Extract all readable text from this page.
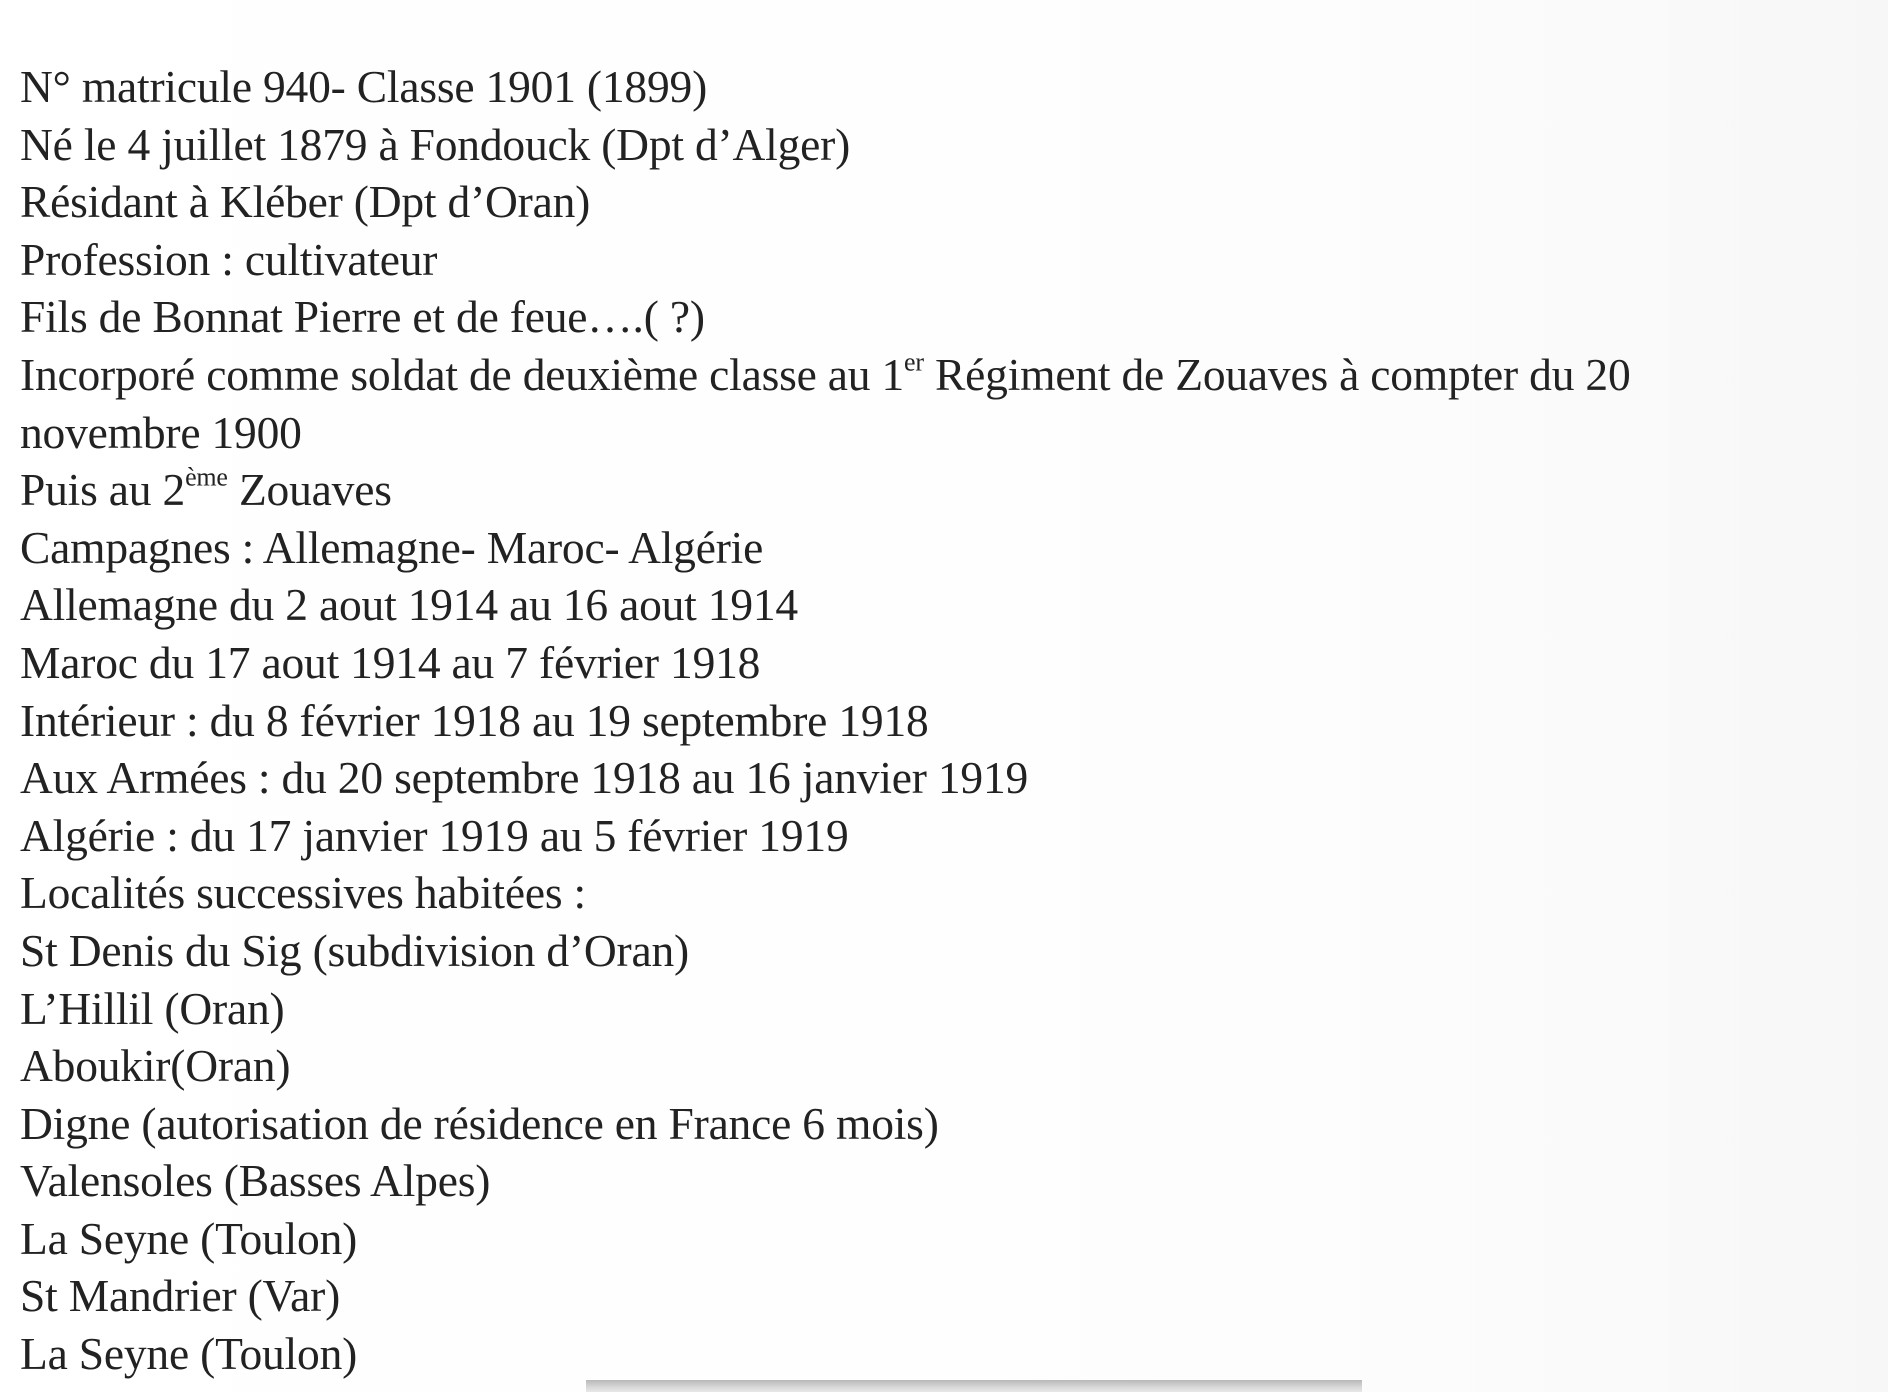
N° matricule 940- Classe 1901 (1899)
Né le 4 juillet 1879 à Fondouck (Dpt d’Alger)
Résidant à Kléber (Dpt d’Oran)
Profession : cultivateur
Fils de Bonnat Pierre et de feue….( ?)
Incorporé comme soldat de deuxième classe au 1er Régiment de Zouaves à compter du 20
novembre 1900
Puis au 2ème Zouaves
Campagnes : Allemagne- Maroc- Algérie
Allemagne du 2 aout 1914 au 16 aout 1914
Maroc du 17 aout 1914 au 7 février 1918
Intérieur : du 8 février 1918 au 19 septembre 1918
Aux Armées : du 20 septembre 1918 au 16 janvier 1919
Algérie : du 17 janvier 1919 au 5 février 1919
Localités successives habitées :
St Denis du Sig (subdivision d’Oran)
L’Hillil (Oran)
Aboukir(Oran)
Digne (autorisation de résidence en France 6 mois)
Valensoles (Basses Alpes)
La Seyne (Toulon)
St Mandrier (Var)
La Seyne (Toulon)
